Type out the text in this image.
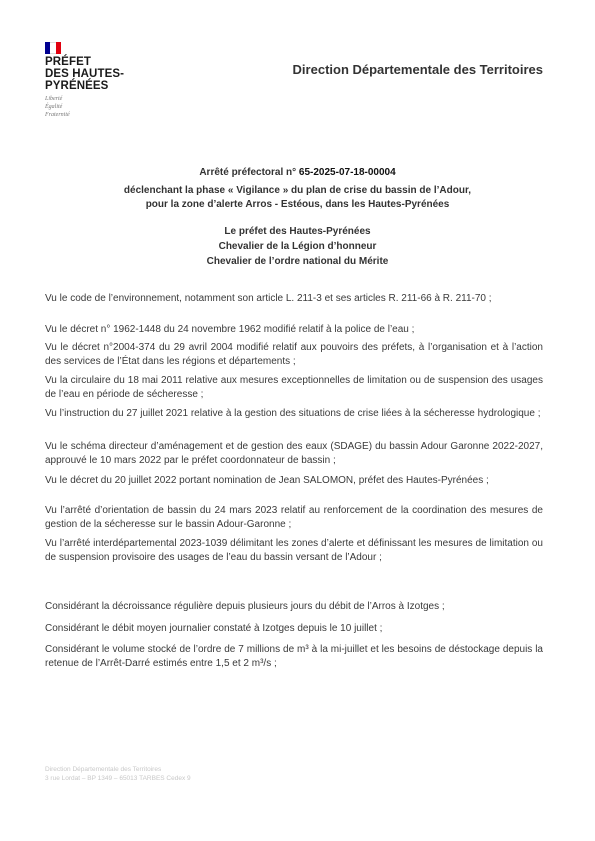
PRÉFET
DES HAUTES-
PYRÉNÉES
Liberté
Égalité
Fraternité
Direction Départementale des Territoires
Arrêté préfectoral n° 65-2025-07-18-00004
déclenchant la phase « Vigilance » du plan de crise du bassin de l’Adour,
pour la zone d’alerte Arros - Estéous, dans les Hautes-Pyrénées
Le préfet des Hautes-Pyrénées
Chevalier de la Légion d’honneur
Chevalier de l’ordre national du Mérite

Vu le code de l’environnement, notamment son article L. 211-3 et ses articles R. 211-66 à R. 211-70 ;

Vu le décret n° 1962-1448 du 24 novembre 1962 modifié relatif à la police de l’eau ;

Vu le décret n°2004-374 du 29 avril 2004 modifié relatif aux pouvoirs des préfets, à l’organisation et à l’action des services de l’État dans les régions et départements ;

Vu la circulaire du 18 mai 2011 relative aux mesures exceptionnelles de limitation ou de suspension des usages de l’eau en période de sécheresse ;

Vu l’instruction du 27 juillet 2021 relative à la gestion des situations de crise liées à la sécheresse hydrologique ;

Vu le schéma directeur d’aménagement et de gestion des eaux (SDAGE) du bassin Adour Garonne 2022-2027, approuvé le 10 mars 2022 par le préfet coordonnateur de bassin ;

Vu le décret du 20 juillet 2022 portant nomination de Jean SALOMON, préfet des Hautes-Pyrénées ;

Vu l’arrêté d’orientation de bassin du 24 mars 2023 relatif au renforcement de la coordination des mesures de gestion de la sécheresse sur le bassin Adour-Garonne ;

Vu l’arrêté interdépartemental 2023-1039 délimitant les zones d’alerte et définissant les mesures de limitation ou de suspension provisoire des usages de l’eau du bassin versant de l’Adour ;

Considérant la décroissance régulière depuis plusieurs jours du débit de l’Arros à Izotges ;

Considérant le débit moyen journalier constaté à Izotges depuis le 10 juillet ;

Considérant le volume stocké de l’ordre de 7 millions de m³ à la mi-juillet et les besoins de déstockage depuis la retenue de l’Arrêt-Darré estimés entre 1,5 et 2 m³/s ;

Direction Départementale des Territoires
3 rue Lordat – BP 1349 – 65013 TARBES Cedex 9
